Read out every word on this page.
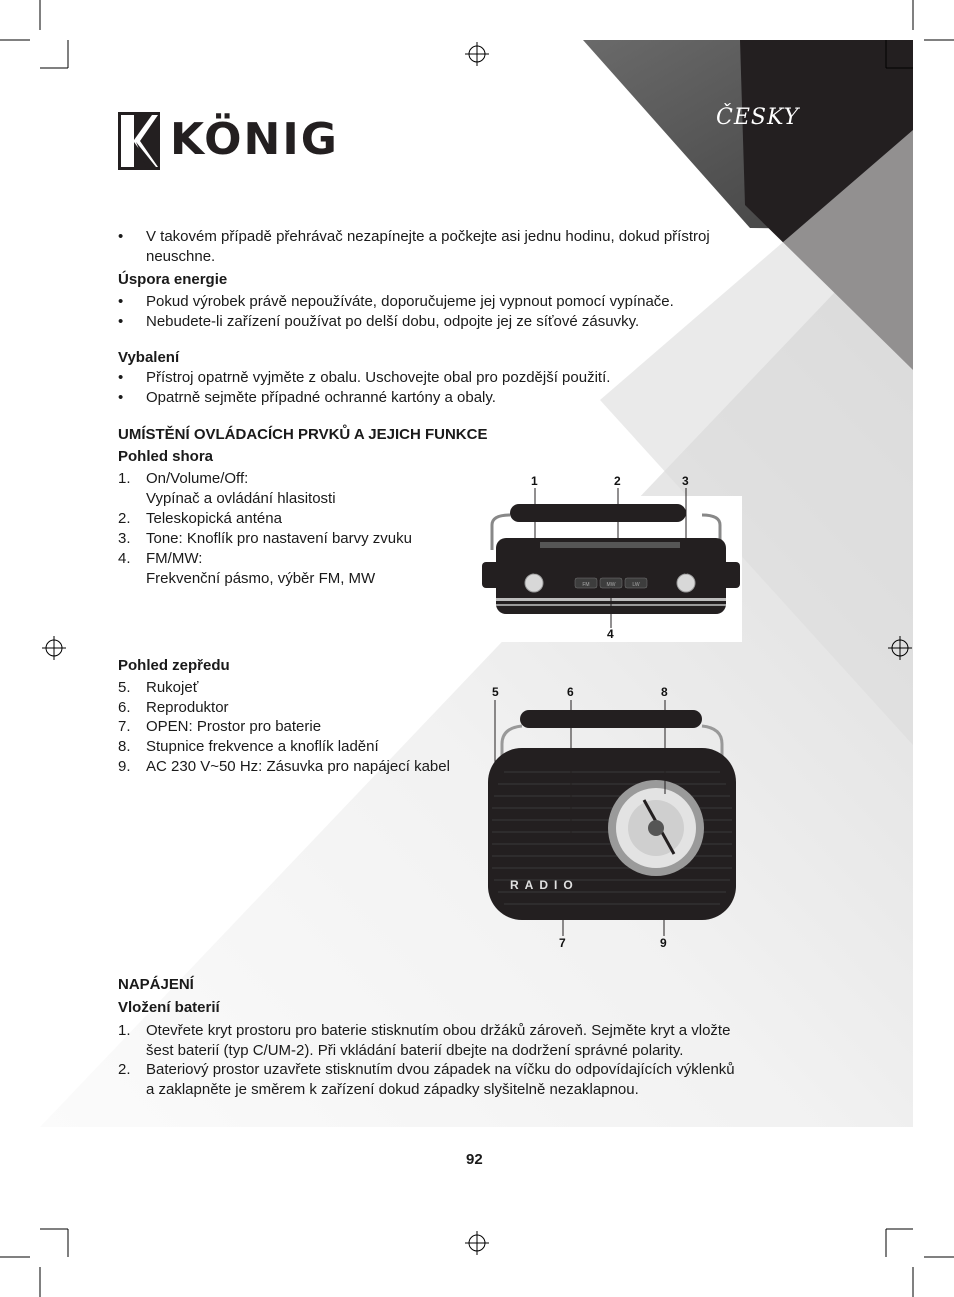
KÖNIG	ČESKY
•	V takovém případě přehrávač nezapínejte a počkejte asi jednu hodinu, dokud přístroj
neuschne.
Úspora energie
•	Pokud výrobek právě nepoužíváte, doporučujeme jej vypnout pomocí vypínače.
•	Nebudete-li zařízení používat po delší dobu, odpojte jej ze síťové zásuvky.
Vybalení
•	Přístroj opatrně vyjměte z obalu. Uschovejte obal pro pozdější použití.
•	Opatrně sejměte případné ochranné kartóny a obaly.
UMÍSTĚNÍ OVLÁDACÍCH PRVKŮ A JEJICH FUNKCE
Pohled shora
1.	On/Volume/Off:
Vypínač a ovládání hlasitosti
2.	Teleskopická anténa
3.	Tone: Knoflík pro nastavení barvy zvuku
4.	FM/MW:
Frekvenční pásmo, výběr FM, MW
Pohled zepředu
5.	Rukojeť
6.	Reproduktor
7.	OPEN: Prostor pro baterie
8.	Stupnice frekvence a knoflík ladění
9.	AC 230 V~50 Hz: Zásuvka pro napájecí kabel
NAPÁJENÍ
Vložení baterií
1.	Otevřete kryt prostoru pro baterie stisknutím obou držáků zároveň. Sejměte kryt a vložte
šest baterií (typ C/UM-2). Při vkládání baterií dbejte na dodržení správné polarity.
2.	Bateriový prostor uzavřete stisknutím dvou západek na víčku do odpovídajících výklenků
a zaklapněte je směrem k zařízení dokud západky slyšitelně nezaklapnou.
FM	MW	LW
1	2	3
4
RADIO
5	6	8
7	9
92
